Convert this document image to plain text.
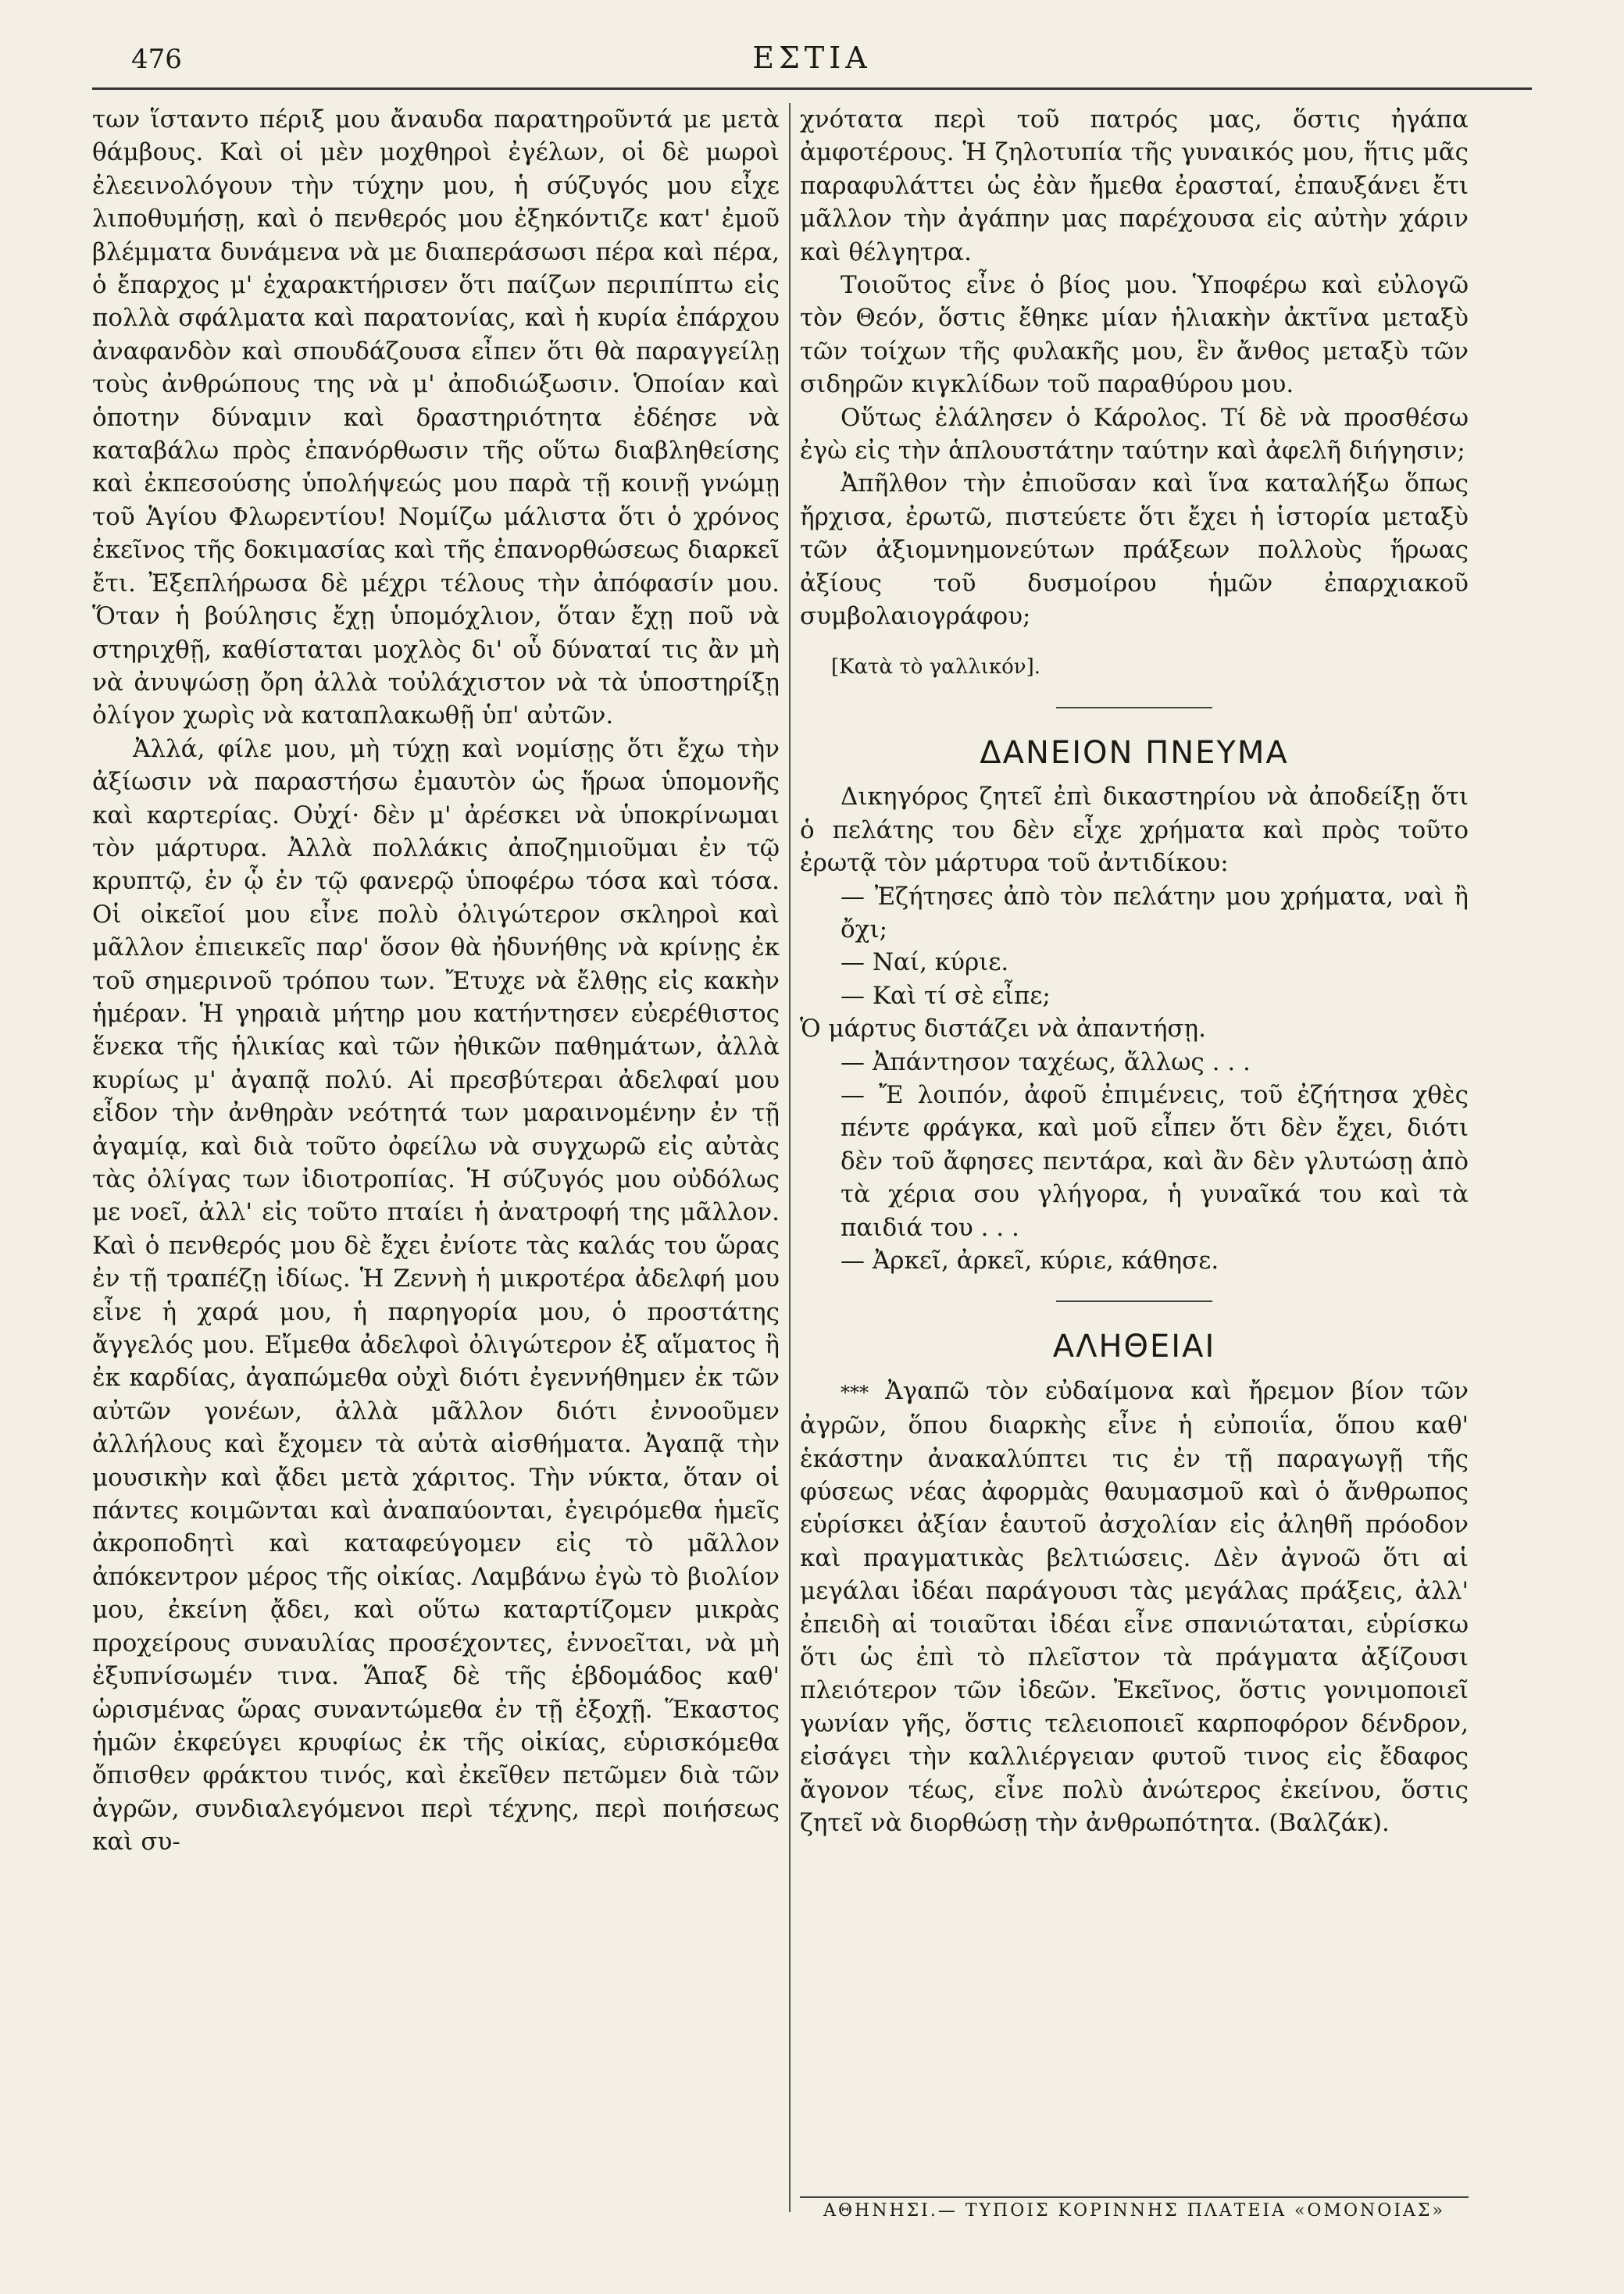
476	ΕΣΤΙΑ

των ἵσταντο πέριξ μου ἄναυδα παρατηροῦντά με μετὰ θάμβους. Καὶ οἱ μὲν μοχθηροὶ ἐγέλων, οἱ δὲ μωροὶ ἐλεεινολόγουν τὴν τύχην μου, ἡ σύζυγός μου εἶχε λιποθυμήσῃ, καὶ ὁ πενθερός μου ἐξηκόντιζε κατ' ἐμοῦ βλέμματα δυνάμενα νὰ με διαπεράσωσι πέρα καὶ πέρα, ὁ ἔπαρχος μ' ἐχαρακτήρισεν ὅτι παίζων περιπίπτω εἰς πολλὰ σφάλματα καὶ παρατονίας, καὶ ἡ κυρία ἐπάρχου ἀναφανδὸν καὶ σπουδάζουσα εἶπεν ὅτι θὰ παραγγείλῃ τοὺς ἀνθρώπους της νὰ μ' ἀποδιώξωσιν. Ὁποίαν καὶ ὁποτην δύναμιν καὶ δραστηριότητα ἐδέησε νὰ καταβάλω πρὸς ἐπανόρθωσιν τῆς οὕτω διαβληθείσης καὶ ἐκπεσούσης ὑπολήψεώς μου παρὰ τῇ κοινῇ γνώμῃ τοῦ Ἁγίου Φλωρεντίου! Νομίζω μάλιστα ὅτι ὁ χρόνος ἐκεῖνος τῆς δοκιμασίας καὶ τῆς ἐπανορθώσεως διαρκεῖ ἔτι. Ἐξεπλήρωσα δὲ μέχρι τέλους τὴν ἀπόφασίν μου. Ὅταν ἡ βούλησις ἔχῃ ὑπομόχλιον, ὅταν ἔχῃ ποῦ νὰ στηριχθῇ, καθίσταται μοχλὸς δι' οὗ δύναταί τις ἂν μὴ νὰ ἀνυψώσῃ ὄρη ἀλλὰ τοὐλάχιστον νὰ τὰ ὑποστηρίξῃ ὀλίγον χωρὶς νὰ καταπλακωθῇ ὑπ' αὐτῶν.

Ἀλλά, φίλε μου, μὴ τύχῃ καὶ νομίσῃς ὅτι ἔχω τὴν ἀξίωσιν νὰ παραστήσω ἐμαυτὸν ὡς ἥρωα ὑπομονῆς καὶ καρτερίας. Οὐχί· δὲν μ' ἀρέσκει νὰ ὑποκρίνωμαι τὸν μάρτυρα. Ἀλλὰ πολλάκις ἀποζημιοῦμαι ἐν τῷ κρυπτῷ, ἐν ᾧ ἐν τῷ φανερῷ ὑποφέρω τόσα καὶ τόσα. Οἱ οἰκεῖοί μου εἶνε πολὺ ὀλιγώτερον σκληροὶ καὶ μᾶλλον ἐπιεικεῖς παρ' ὅσον θὰ ἠδυνήθης νὰ κρίνῃς ἐκ τοῦ σημερινοῦ τρόπου των. Ἔτυχε νὰ ἔλθῃς εἰς κακὴν ἡμέραν. Ἡ γηραιὰ μήτηρ μου κατήντησεν εὐερέθιστος ἕνεκα τῆς ἡλικίας καὶ τῶν ἠθικῶν παθημάτων, ἀλλὰ κυρίως μ' ἀγαπᾷ πολύ. Αἱ πρεσβύτεραι ἀδελφαί μου εἶδον τὴν ἀνθηρὰν νεότητά των μαραινομένην ἐν τῇ ἀγαμίᾳ, καὶ διὰ τοῦτο ὀφείλω νὰ συγχωρῶ εἰς αὐτὰς τὰς ὀλίγας των ἰδιοτροπίας. Ἡ σύζυγός μου οὐδόλως με νοεῖ, ἀλλ' εἰς τοῦτο πταίει ἡ ἀνατροφή της μᾶλλον. Καὶ ὁ πενθερός μου δὲ ἔχει ἐνίοτε τὰς καλάς του ὥρας ἐν τῇ τραπέζῃ ἰδίως. Ἡ Ζεννὴ ἡ μικροτέρα ἀδελφή μου εἶνε ἡ χαρά μου, ἡ παρηγορία μου, ὁ προστάτης ἄγγελός μου. Εἴμεθα ἀδελφοὶ ὀλιγώτερον ἐξ αἵματος ἢ ἐκ καρδίας, ἀγαπώμεθα οὐχὶ διότι ἐγεννήθημεν ἐκ τῶν αὐτῶν γονέων, ἀλλὰ μᾶλλον διότι ἐννοοῦμεν ἀλλήλους καὶ ἔχομεν τὰ αὐτὰ αἰσθήματα. Ἀγαπᾷ τὴν μουσικὴν καὶ ᾄδει μετὰ χάριτος. Τὴν νύκτα, ὅταν οἱ πάντες κοιμῶνται καὶ ἀναπαύονται, ἐγειρόμεθα ἡμεῖς ἀκροποδητὶ καὶ καταφεύγομεν εἰς τὸ μᾶλλον ἀπόκεντρον μέρος τῆς οἰκίας. Λαμβάνω ἐγὼ τὸ βιολίον μου, ἐκείνη ᾄδει, καὶ οὕτω καταρτίζομεν μικρὰς προχείρους συναυλίας προσέχοντες, ἐννοεῖται, νὰ μὴ ἐξυπνίσωμέν τινα. Ἅπαξ δὲ τῆς ἑβδομάδος καθ' ὡρισμένας ὥρας συναντώμεθα ἐν τῇ ἐξοχῇ. Ἕκαστος ἡμῶν ἐκφεύγει κρυφίως ἐκ τῆς οἰκίας, εὑρισκόμεθα ὄπισθεν φράκτου τινός, καὶ ἐκεῖθεν πετῶμεν διὰ τῶν ἀγρῶν, συνδιαλεγόμενοι περὶ τέχνης, περὶ ποιήσεως καὶ συ-

χνότατα περὶ τοῦ πατρός μας, ὅστις ἠγάπα ἀμφοτέρους. Ἡ ζηλοτυπία τῆς γυναικός μου, ἥτις μᾶς παραφυλάττει ὡς ἐὰν ἤμεθα ἐρασταί, ἐπαυξάνει ἔτι μᾶλλον τὴν ἀγάπην μας παρέχουσα εἰς αὐτὴν χάριν καὶ θέλγητρα.

Τοιοῦτος εἶνε ὁ βίος μου. Ὑποφέρω καὶ εὐλογῶ τὸν Θεόν, ὅστις ἔθηκε μίαν ἡλιακὴν ἀκτῖνα μεταξὺ τῶν τοίχων τῆς φυλακῆς μου, ἓν ἄνθος μεταξὺ τῶν σιδηρῶν κιγκλίδων τοῦ παραθύρου μου.

Οὕτως ἐλάλησεν ὁ Κάρολος. Τί δὲ νὰ προσθέσω ἐγὼ εἰς τὴν ἁπλουστάτην ταύτην καὶ ἀφελῆ διήγησιν;

Ἀπῆλθον τὴν ἐπιοῦσαν καὶ ἵνα καταλήξω ὅπως ἤρχισα, ἐρωτῶ, πιστεύετε ὅτι ἔχει ἡ ἱστορία μεταξὺ τῶν ἀξιομνημονεύτων πράξεων πολλοὺς ἥρωας ἀξίους τοῦ δυσμοίρου ἡμῶν ἐπαρχιακοῦ συμβολαιογράφου;

[Κατὰ τὸ γαλλικόν].

ΔΑΝΕΙΟΝ ΠΝΕΥΜΑ

Δικηγόρος ζητεῖ ἐπὶ δικαστηρίου νὰ ἀποδείξῃ ὅτι ὁ πελάτης του δὲν εἶχε χρήματα καὶ πρὸς τοῦτο ἐρωτᾷ τὸν μάρτυρα τοῦ ἀντιδίκου:

— Ἐζήτησες ἀπὸ τὸν πελάτην μου χρήματα, ναὶ ἢ ὄχι;

— Ναί, κύριε.

— Καὶ τί σὲ εἶπε;

Ὁ μάρτυς διστάζει νὰ ἀπαντήσῃ.

— Ἀπάντησον ταχέως, ἄλλως . . .

— Ἔ λοιπόν, ἀφοῦ ἐπιμένεις, τοῦ ἐζήτησα χθὲς πέντε φράγκα, καὶ μοῦ εἶπεν ὅτι δὲν ἔχει, διότι δὲν τοῦ ἄφησες πεντάρα, καὶ ἂν δὲν γλυτώσῃ ἀπὸ τὰ χέρια σου γλήγορα, ἡ γυναῖκά του καὶ τὰ παιδιά του . . .

— Ἀρκεῖ, ἀρκεῖ, κύριε, κάθησε.

ΑΛΗΘΕΙΑΙ

*** Ἀγαπῶ τὸν εὐδαίμονα καὶ ἤρεμον βίον τῶν ἀγρῶν, ὅπου διαρκὴς εἶνε ἡ εὐποιΐα, ὅπου καθ' ἑκάστην ἀνακαλύπτει τις ἐν τῇ παραγωγῇ τῆς φύσεως νέας ἀφορμὰς θαυμασμοῦ καὶ ὁ ἄνθρωπος εὑρίσκει ἀξίαν ἑαυτοῦ ἀσχολίαν εἰς ἀληθῆ πρόοδον καὶ πραγματικὰς βελτιώσεις. Δὲν ἀγνοῶ ὅτι αἱ μεγάλαι ἰδέαι παράγουσι τὰς μεγάλας πράξεις, ἀλλ' ἐπειδὴ αἱ τοιαῦται ἰδέαι εἶνε σπανιώταται, εὑρίσκω ὅτι ὡς ἐπὶ τὸ πλεῖστον τὰ πράγματα ἀξίζουσι πλειότερον τῶν ἰδεῶν. Ἐκεῖνος, ὅστις γονιμοποιεῖ γωνίαν γῆς, ὅστις τελειοποιεῖ καρποφόρον δένδρον, εἰσάγει τὴν καλλιέργειαν φυτοῦ τινος εἰς ἔδαφος ἄγονον τέως, εἶνε πολὺ ἀνώτερος ἐκείνου, ὅστις ζητεῖ νὰ διορθώσῃ τὴν ἀνθρωπότητα. (Βαλζάκ).

ΑΘΗΝΗΣΙ.— ΤΥΠΟΙΣ ΚΟΡΙΝΝΗΣ ΠΛΑΤΕΙΑ «ΟΜΟΝΟΙΑΣ»
